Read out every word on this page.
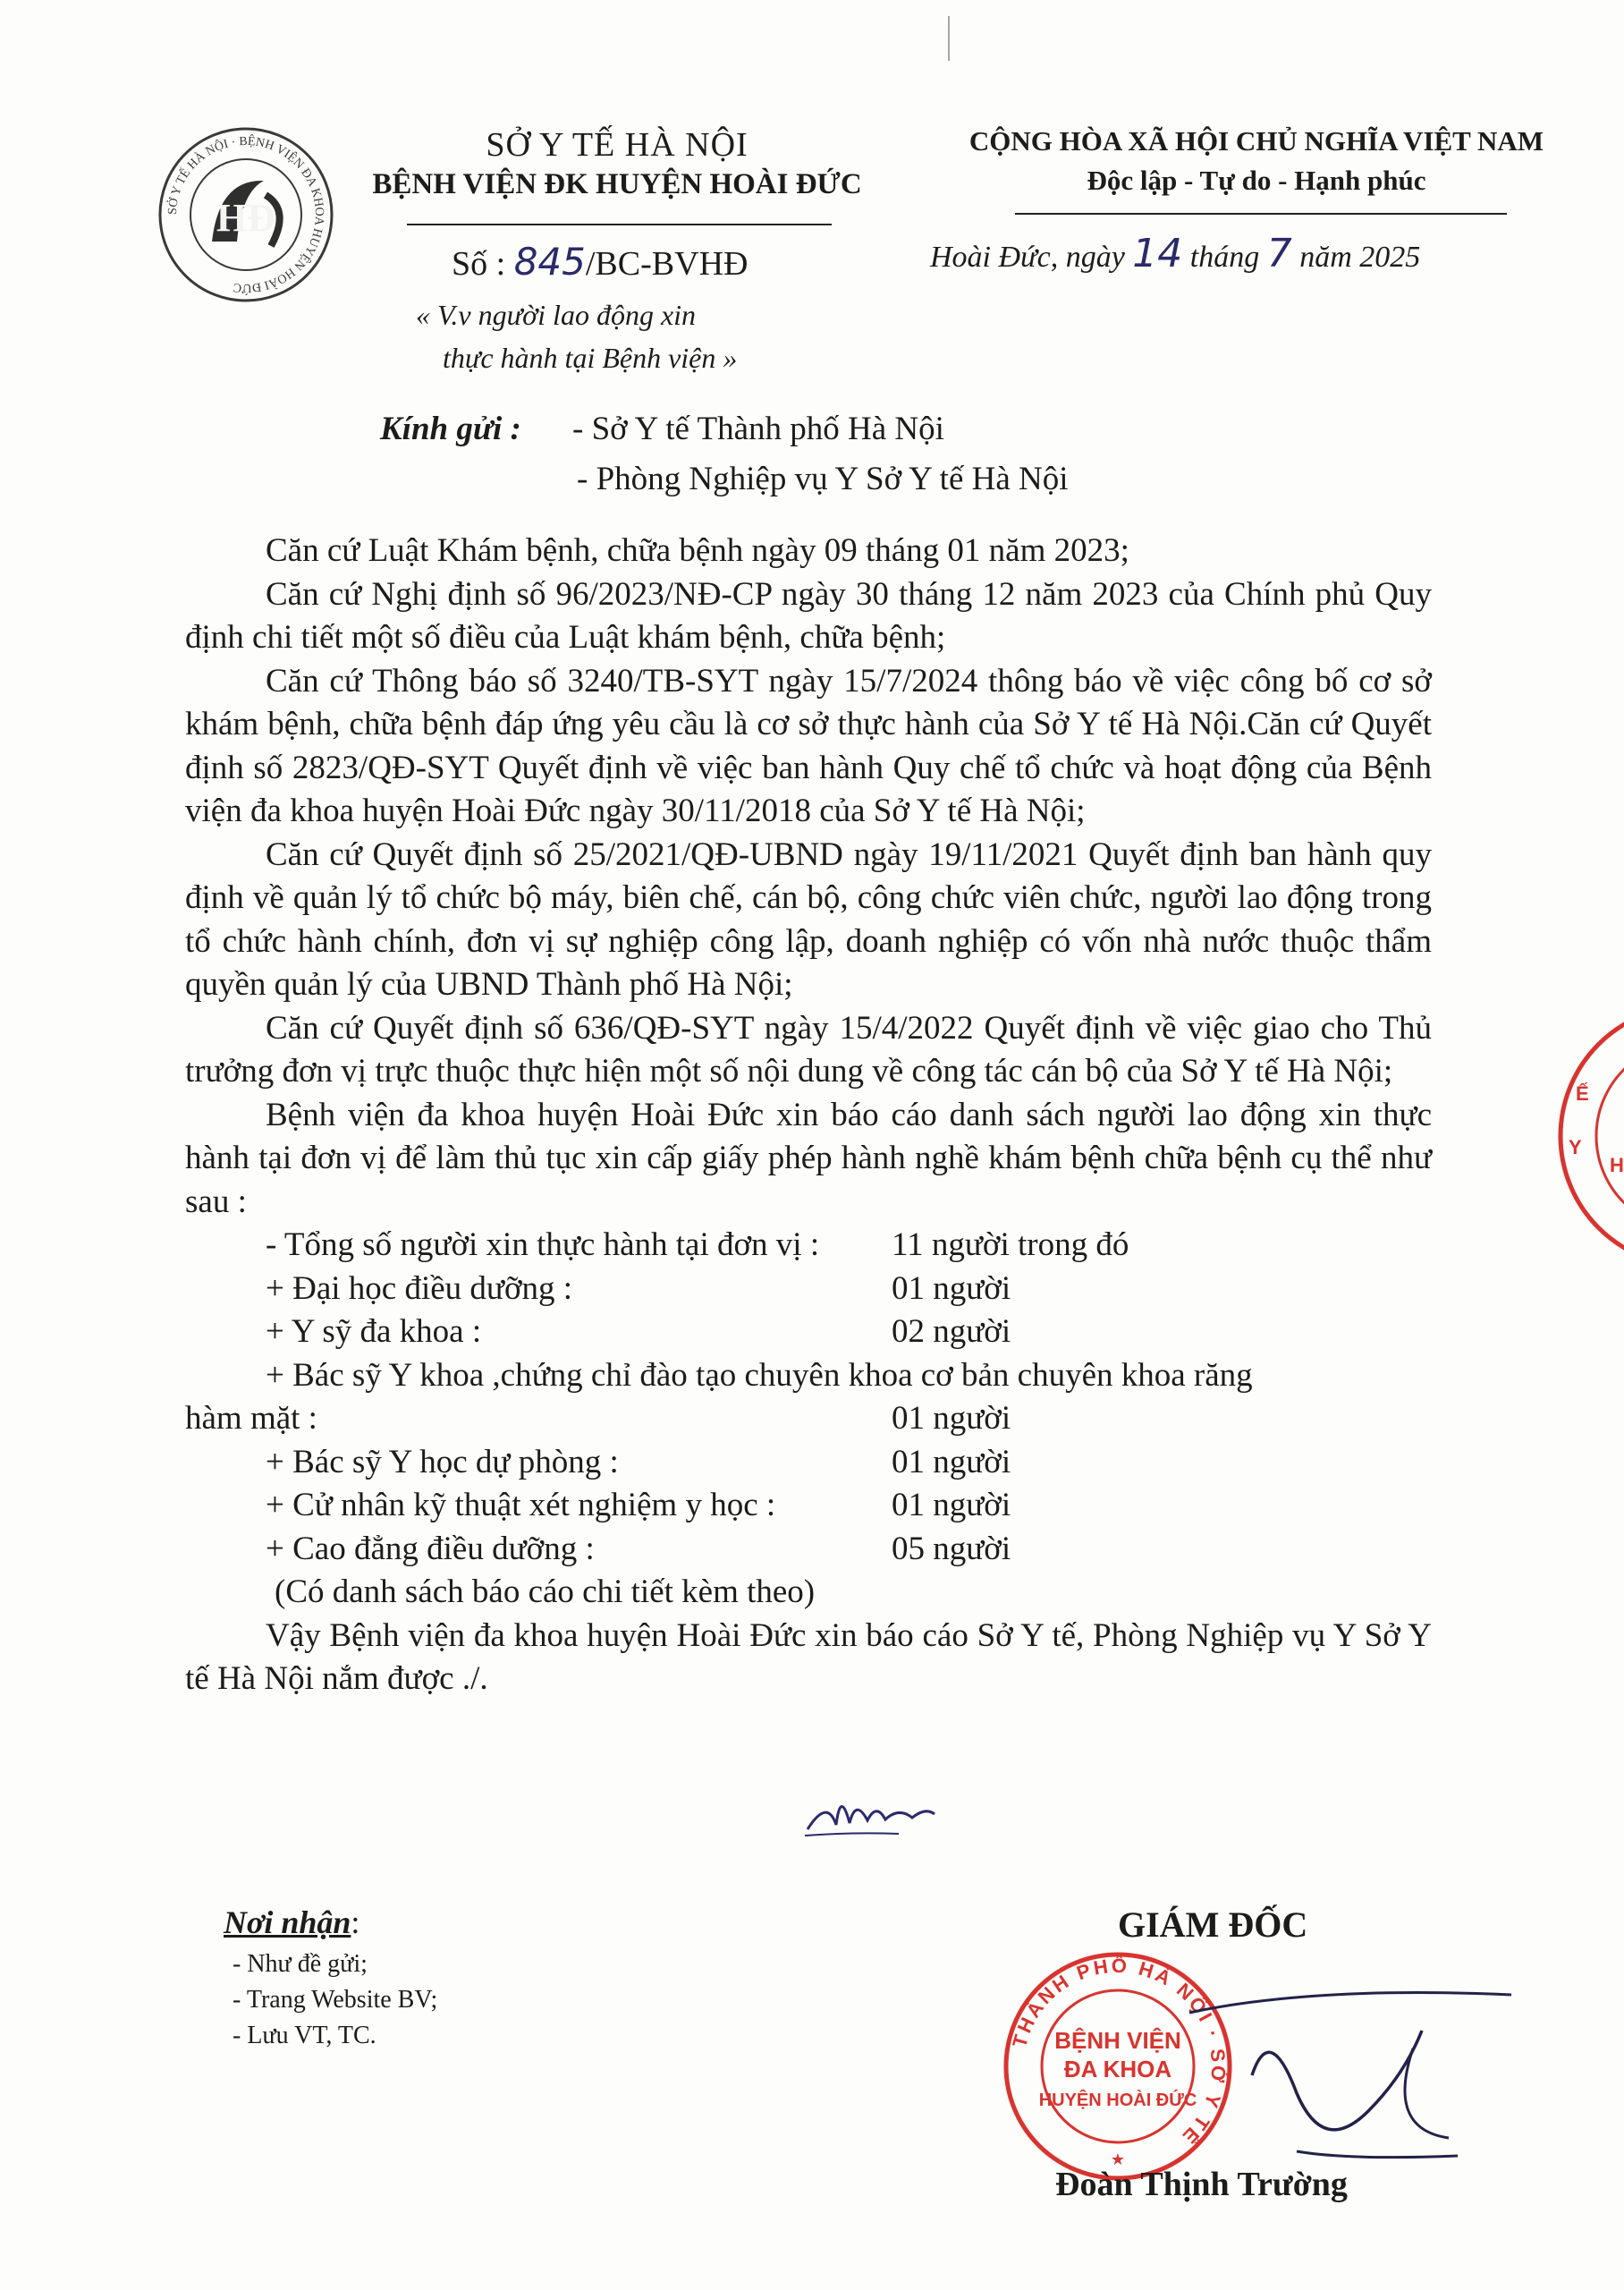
SỞ Y TẾ HÀ NỘI · BỆNH VIỆN ĐA KHOA HUYỆN HOÀI ĐỨC
HĐ
SỞ Y TẾ HÀ NỘI
BỆNH VIỆN ĐK HUYỆN HOÀI ĐỨC
Số : 845/BC-BVHĐ
« V.v người lao động xin
thực hành tại Bệnh viện »
CỘNG HÒA XÃ HỘI CHỦ NGHĨA VIỆT NAM
Độc lập - Tự do - Hạnh phúc
Hoài Đức, ngày 14 tháng 7 năm 2025
Kính gửi : - Sở Y tế Thành phố Hà Nội
- Phòng Nghiệp vụ Y Sở Y tế Hà Nội

Căn cứ Luật Khám bệnh, chữa bệnh ngày 09 tháng 01 năm 2023;

Căn cứ Nghị định số 96/2023/NĐ-CP ngày 30 tháng 12 năm 2023 của Chính phủ Quy định chi tiết một số điều của Luật khám bệnh, chữa bệnh;

Căn cứ Thông báo số 3240/TB-SYT ngày 15/7/2024 thông báo về việc công bố cơ sở khám bệnh, chữa bệnh đáp ứng yêu cầu là cơ sở thực hành của Sở Y tế Hà Nội.Căn cứ Quyết định số 2823/QĐ-SYT Quyết định về việc ban hành Quy chế tổ chức và hoạt động của Bệnh viện đa khoa huyện Hoài Đức ngày 30/11/2018 của Sở Y tế Hà Nội;

Căn cứ Quyết định số 25/2021/QĐ-UBND ngày 19/11/2021 Quyết định ban hành quy định về quản lý tổ chức bộ máy, biên chế, cán bộ, công chức viên chức, người lao động trong tổ chức hành chính, đơn vị sự nghiệp công lập, doanh nghiệp có vốn nhà nước thuộc thẩm quyền quản lý của UBND Thành phố Hà Nội;

Căn cứ Quyết định số 636/QĐ-SYT ngày 15/4/2022 Quyết định về việc giao cho Thủ trưởng đơn vị trực thuộc thực hiện một số nội dung về công tác cán bộ của Sở Y tế Hà Nội;

Bệnh viện đa khoa huyện Hoài Đức xin báo cáo danh sách người lao động xin thực hành tại đơn vị để làm thủ tục xin cấp giấy phép hành nghề khám bệnh chữa bệnh cụ thể như sau :

- Tổng số người xin thực hành tại đơn vị :	11 người trong đó
+ Đại học điều dưỡng :	01 người
+ Y sỹ đa khoa :	02 người
+ Bác sỹ Y khoa ,chứng chỉ đào tạo chuyên khoa cơ bản chuyên khoa răng
hàm mặt :	01 người
+ Bác sỹ Y học dự phòng :	01 người
+ Cử nhân kỹ thuật xét nghiệm y học :	01 người
+ Cao đẳng điều dưỡng :	05 người
(Có danh sách báo cáo chi tiết kèm theo)

Vậy Bệnh viện đa khoa huyện Hoài Đức xin báo cáo Sở Y tế, Phòng Nghiệp vụ Y Sở Y tế Hà Nội nắm được ./.

Nơi nhận:
- Như đề gửi;
- Trang Website BV;
- Lưu VT, TC.
GIÁM ĐỐC
THÀNH PHỐ HÀ NỘI · SỞ Y TẾ
BỆNH VIỆN
ĐA KHOA
HUYỆN HOÀI ĐỨC
★
Đoàn Thịnh Trường
Ế
Y
H
